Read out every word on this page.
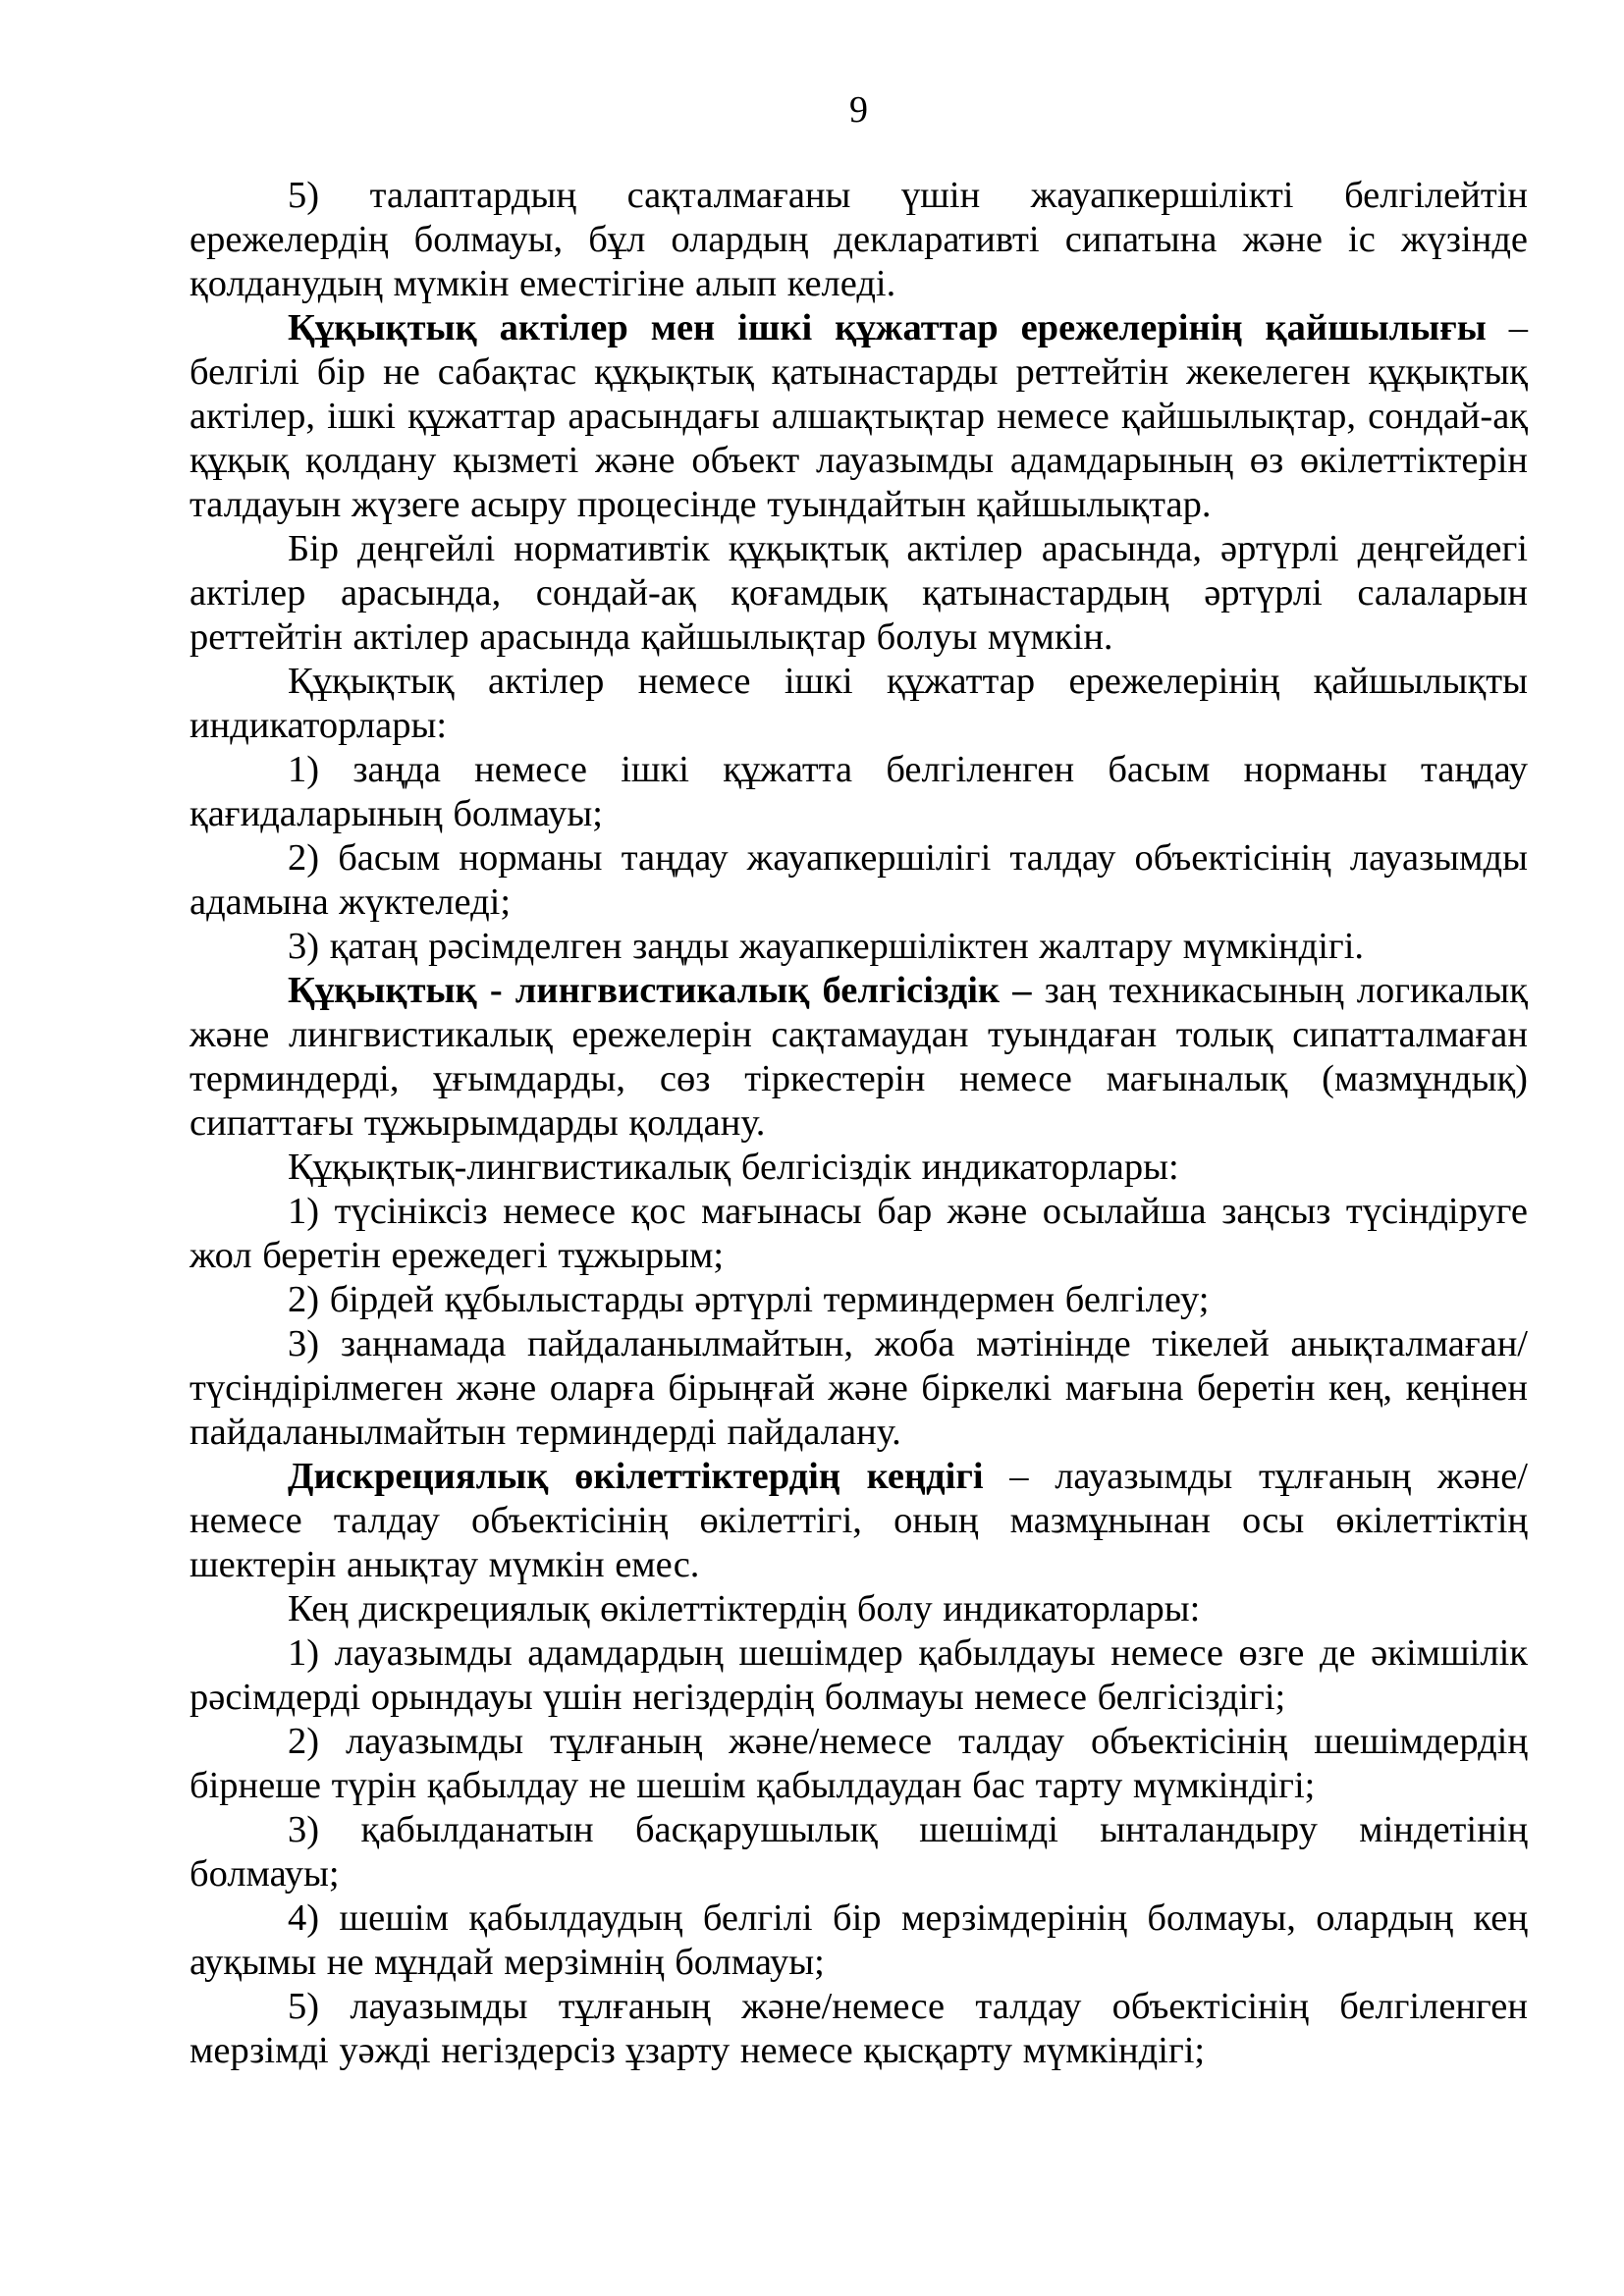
9

5) талаптардың сақталмағаны үшін жауапкершілікті белгілейтін ережелердің болмауы, бұл олардың декларативті сипатына және іс жүзінде қолданудың мүмкін еместігіне алып келеді.

Құқықтық актілер мен ішкі құжаттар ережелерінің қайшылығы – белгілі бір не сабақтас құқықтық қатынастарды реттейтін жекелеген құқықтық актілер, ішкі құжаттар арасындағы алшақтықтар немесе қайшылықтар, сондай-ақ құқық қолдану қызметі және объект лауазымды адамдарының өз өкілеттіктерін талдауын жүзеге асыру процесінде туындайтын қайшылықтар.

Бір деңгейлі нормативтік құқықтық актілер арасында, әртүрлі деңгейдегі актілер арасында, сондай-ақ қоғамдық қатынастардың әртүрлі салаларын реттейтін актілер арасында қайшылықтар болуы мүмкін.

Құқықтық актілер немесе ішкі құжаттар ережелерінің қайшылықты индикаторлары:

1) заңда немесе ішкі құжатта белгіленген басым норманы таңдау қағидаларының болмауы;

2) басым норманы таңдау жауапкершілігі талдау объектісінің лауазымды адамына жүктеледі;

3) қатаң рәсімделген заңды жауапкершіліктен жалтару мүмкіндігі.

Құқықтық - лингвистикалық белгісіздік – заң техникасының логикалық және лингвистикалық ережелерін сақтамаудан туындаған толық сипатталмаған терминдерді, ұғымдарды, сөз тіркестерін немесе мағыналық (мазмұндық) сипаттағы тұжырымдарды қолдану.

Құқықтық-лингвистикалық белгісіздік индикаторлары:

1) түсініксіз немесе қос мағынасы бар және осылайша заңсыз түсіндіруге жол беретін ережедегі тұжырым;

2) бірдей құбылыстарды әртүрлі терминдермен белгілеу;

3) заңнамада пайдаланылмайтын, жоба мәтінінде тікелей анықталмаған/түсіндірілмеген және оларға бірыңғай және біркелкі мағына беретін кең, кеңінен пайдаланылмайтын терминдерді пайдалану.

Дискрециялық өкілеттіктердің кеңдігі – лауазымды тұлғаның және/немесе талдау объектісінің өкілеттігі, оның мазмұнынан осы өкілеттіктің шектерін анықтау мүмкін емес.

Кең дискрециялық өкілеттіктердің болу индикаторлары:

1) лауазымды адамдардың шешімдер қабылдауы немесе өзге де әкімшілік рәсімдерді орындауы үшін негіздердің болмауы немесе белгісіздігі;

2) лауазымды тұлғаның және/немесе талдау объектісінің шешімдердің бірнеше түрін қабылдау не шешім қабылдаудан бас тарту мүмкіндігі;

3) қабылданатын басқарушылық шешімді ынталандыру міндетінің болмауы;

4) шешім қабылдаудың белгілі бір мерзімдерінің болмауы, олардың кең ауқымы не мұндай мерзімнің болмауы;

5) лауазымды тұлғаның және/немесе талдау объектісінің белгіленген мерзімді уәжді негіздерсіз ұзарту немесе қысқарту мүмкіндігі;
